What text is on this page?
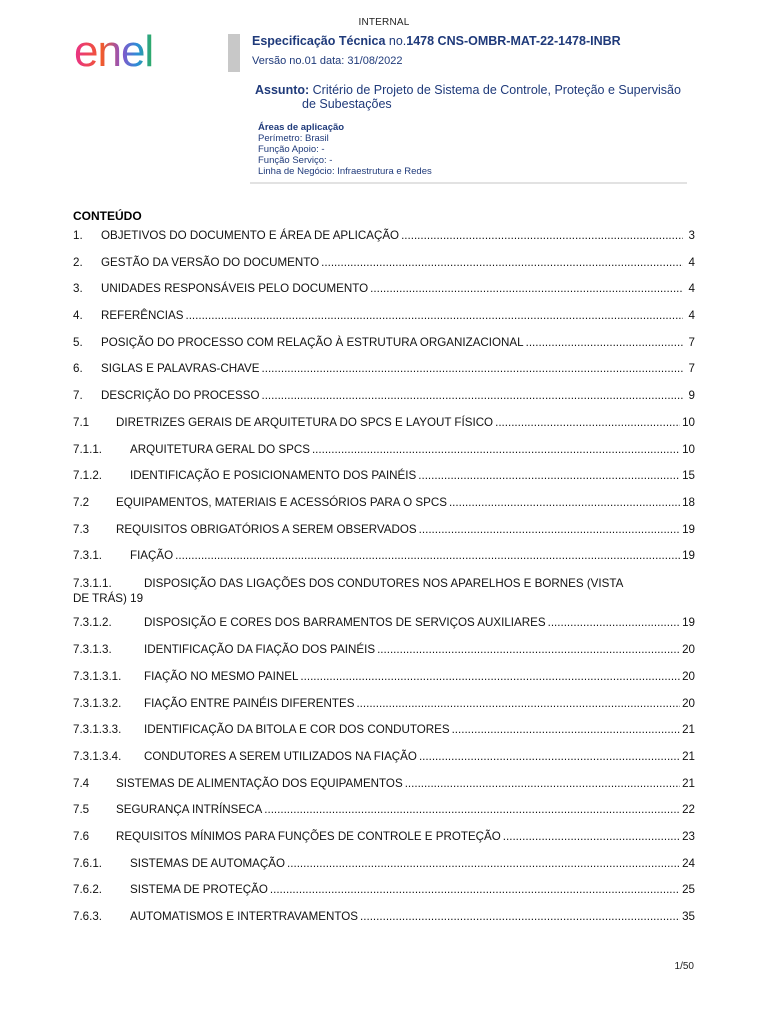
INTERNAL
enel	Especificação Técnica no.1478 CNS-OMBR-MAT-22-1478-INBR
Versão no.01 data: 31/08/2022
Assunto: Critério de Projeto de Sistema de Controle, Proteção e Supervisão
de Subestações
Áreas de aplicação
Perímetro: Brasil
Função Apoio: -
Função Serviço: -
Linha de Negócio: Infraestrutura e Redes
CONTEÚDO
1.	OBJETIVOS DO DOCUMENTO E ÁREA DE APLICAÇÃO .....	3
2.	GESTÃO DA VERSÃO DO DOCUMENTO .....	4
3.	UNIDADES RESPONSÁVEIS PELO DOCUMENTO .....	4
4.	REFERÊNCIAS .....	4
5.	POSIÇÃO DO PROCESSO COM RELAÇÃO À ESTRUTURA ORGANIZACIONAL .....	7
6.	SIGLAS E PALAVRAS-CHAVE .....	7
7.	DESCRIÇÃO DO PROCESSO .....	9
7.1	DIRETRIZES GERAIS DE ARQUITETURA DO SPCS E LAYOUT FÍSICO .....	10
7.1.1.	ARQUITETURA GERAL DO SPCS .....	10
7.1.2.	IDENTIFICAÇÃO E POSICIONAMENTO DOS PAINÉIS .....	15
7.2	EQUIPAMENTOS, MATERIAIS E ACESSÓRIOS PARA O SPCS .....	18
7.3	REQUISITOS OBRIGATÓRIOS A SEREM OBSERVADOS .....	19
7.3.1.	FIAÇÃO .....	19
7.3.1.1.	DISPOSIÇÃO DAS LIGAÇÕES DOS CONDUTORES NOS APARELHOS E BORNES (VISTA
DE TRÁS) 19
7.3.1.2.	DISPOSIÇÃO E CORES DOS BARRAMENTOS DE SERVIÇOS AUXILIARES .....	19
7.3.1.3.	IDENTIFICAÇÃO DA FIAÇÃO DOS PAINÉIS .....	20
7.3.1.3.1.	FIAÇÃO NO MESMO PAINEL .....	20
7.3.1.3.2.	FIAÇÃO ENTRE PAINÉIS DIFERENTES .....	20
7.3.1.3.3.	IDENTIFICAÇÃO DA BITOLA E COR DOS CONDUTORES .....	21
7.3.1.3.4.	CONDUTORES A SEREM UTILIZADOS NA FIAÇÃO .....	21
7.4	SISTEMAS DE ALIMENTAÇÃO DOS EQUIPAMENTOS .....	21
7.5	SEGURANÇA INTRÍNSECA .....	22
7.6	REQUISITOS MÍNIMOS PARA FUNÇÕES DE CONTROLE E PROTEÇÃO .....	23
7.6.1.	SISTEMAS DE AUTOMAÇÃO .....	24
7.6.2.	SISTEMA DE PROTEÇÃO .....	25
7.6.3.	AUTOMATISMOS E INTERTRAVAMENTOS .....	35
1/50
